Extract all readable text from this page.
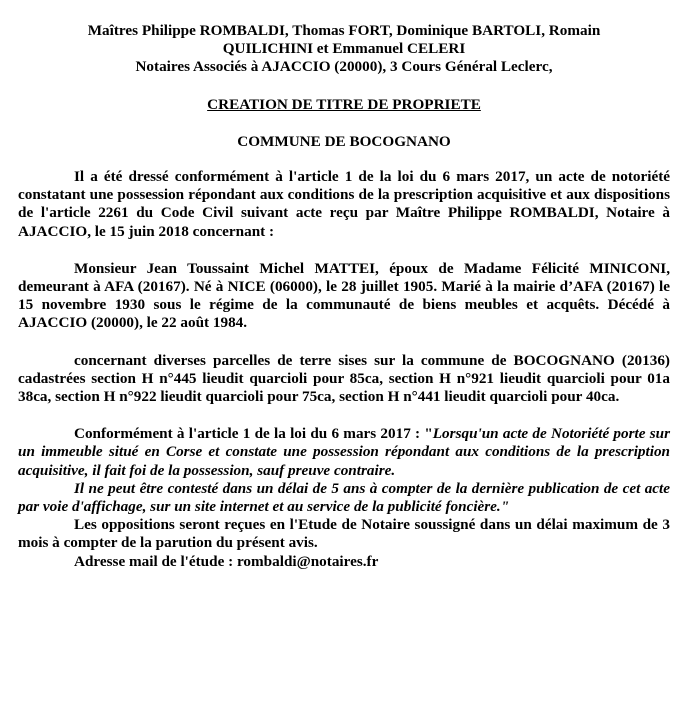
Maîtres Philippe ROMBALDI, Thomas FORT, Dominique BARTOLI, Romain
QUILICHINI et Emmanuel CELERI
Notaires Associés à AJACCIO (20000), 3 Cours Général Leclerc,
CREATION DE TITRE DE PROPRIETE
COMMUNE DE BOCOGNANO

Il a été dressé conformément à l'article 1 de la loi du 6 mars 2017, un acte de notoriété constatant une possession répondant aux conditions de la prescription acquisitive et aux dispositions de l'article 2261 du Code Civil suivant acte reçu par Maître Philippe ROMBALDI, Notaire à AJACCIO, le 15 juin 2018 concernant :

Monsieur Jean Toussaint Michel MATTEI, époux de Madame Félicité MINICONI, demeurant à AFA (20167). Né à NICE (06000), le 28 juillet 1905. Marié à la mairie d’AFA (20167) le 15 novembre 1930 sous le régime de la communauté de biens meubles et acquêts. Décédé à AJACCIO (20000), le 22 août 1984.

concernant diverses parcelles de terre sises sur la commune de BOCOGNANO (20136) cadastrées section H n°445 lieudit quarcioli pour 85ca, section H n°921 lieudit quarcioli pour 01a 38ca, section H n°922 lieudit quarcioli pour 75ca, section H n°441 lieudit quarcioli pour 40ca.

Conformément à l'article 1 de la loi du 6 mars 2017 : "Lorsqu'un acte de Notoriété porte sur un immeuble situé en Corse et constate une possession répondant aux conditions de la prescription acquisitive, il fait foi de la possession, sauf preuve contraire.

Il ne peut être contesté dans un délai de 5 ans à compter de la dernière publication de cet acte par voie d'affichage, sur un site internet et au service de la publicité foncière."

Les oppositions seront reçues en l'Etude de Notaire soussigné dans un délai maximum de 3 mois à compter de la parution du présent avis.

Adresse mail de l'étude : rombaldi@notaires.fr
